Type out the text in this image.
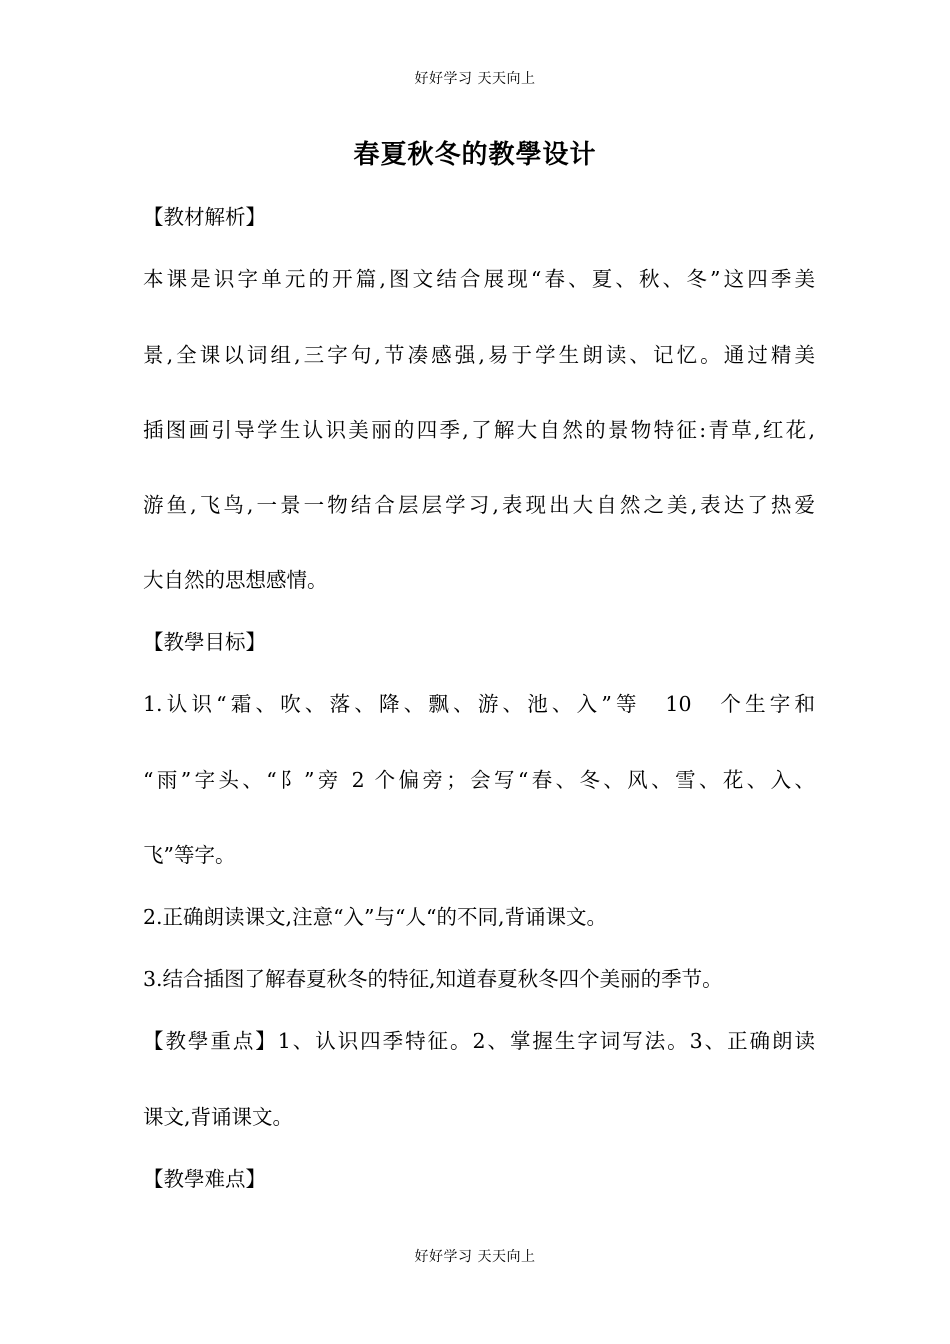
好好学习 天天向上
春夏秋冬的教學设计
【教材解析】
本课是识字单元的开篇,图文结合展现“春、夏、秋、冬”这四季美
景,全课以词组,三字句,节凑感强,易于学生朗读、记忆。通过精美
插图画引导学生认识美丽的四季,了解大自然的景物特征:青草,红花,
游鱼,飞鸟,一景一物结合层层学习,表现出大自然之美,表达了热爱
大自然的思想感情。
【教學目标】
1.认识“霜、吹、落、降、飘、游、池、入”等　10　个生字和
“雨”字头、“阝”旁 2 个偏旁；会写“春、冬、风、雪、花、入、
飞”等字。
2.正确朗读课文,注意“入”与“人“的不同,背诵课文。
3.结合插图了解春夏秋冬的特征,知道春夏秋冬四个美丽的季节。
【教學重点】1、认识四季特征。2、掌握生字词写法。3、正确朗读
课文,背诵课文。
【教學难点】
好好学习 天天向上
